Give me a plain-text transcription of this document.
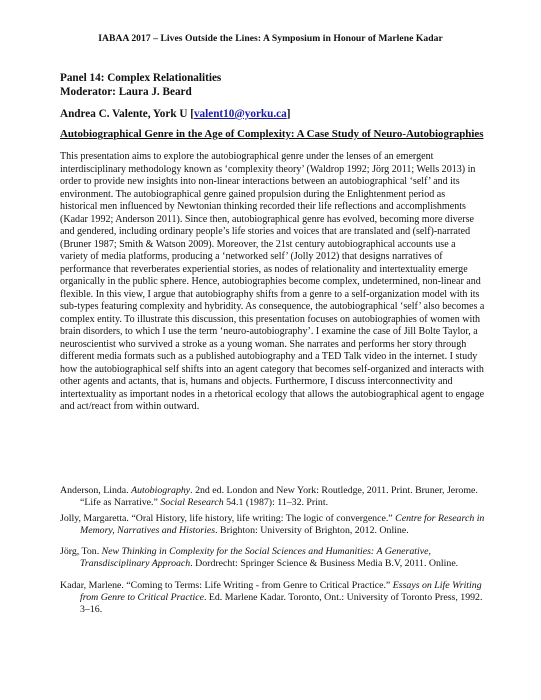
IABAA 2017 – Lives Outside the Lines: A Symposium in Honour of Marlene Kadar
Panel 14: Complex Relationalities
Moderator: Laura J. Beard
Andrea C. Valente, York U [valent10@yorku.ca]
Autobiographical Genre in the Age of Complexity: A Case Study of Neuro-Autobiographies
This presentation aims to explore the autobiographical genre under the lenses of an emergent interdisciplinary methodology known as ‘complexity theory’ (Waldrop 1992; Jörg 2011; Wells 2013) in order to provide new insights into non-linear interactions between an autobiographical ‘self’ and its environment. The autobiographical genre gained propulsion during the Enlightenment period as historical men influenced by Newtonian thinking recorded their life reflections and accomplishments (Kadar 1992; Anderson 2011). Since then, autobiographical genre has evolved, becoming more diverse and gendered, including ordinary people’s life stories and voices that are translated and (self)-narrated (Bruner 1987; Smith & Watson 2009). Moreover, the 21st century autobiographical accounts use a variety of media platforms, producing a ‘networked self’ (Jolly 2012) that designs narratives of performance that reverberates experiential stories, as nodes of relationality and intertextuality emerge organically in the public sphere. Hence, autobiographies become complex, undetermined, non-linear and flexible. In this view, I argue that autobiography shifts from a genre to a self-organization model with its sub-types featuring complexity and hybridity. As consequence, the autobiographical ‘self’ also becomes a complex entity. To illustrate this discussion, this presentation focuses on autobiographies of women with brain disorders, to which I use the term ‘neuro-autobiography’. I examine the case of Jill Bolte Taylor, a neuroscientist who survived a stroke as a young woman. She narrates and performs her story through different media formats such as a published autobiography and a TED Talk video in the internet. I study how the autobiographical self shifts into an agent category that becomes self-organized and interacts with other agents and actants, that is, humans and objects. Furthermore, I discuss interconnectivity and intertextuality as important nodes in a rhetorical ecology that allows the autobiographical agent to engage and act/react from within outward.
Anderson, Linda. Autobiography. 2nd ed. London and New York: Routledge, 2011. Print. Bruner, Jerome. “Life as Narrative.” Social Research 54.1 (1987): 11–32. Print.
Jolly, Margaretta. “Oral History, life history, life writing: The logic of convergence.” Centre for Research in Memory, Narratives and Histories. Brighton: University of Brighton, 2012. Online.
Jörg, Ton. New Thinking in Complexity for the Social Sciences and Humanities: A Generative, Transdisciplinary Approach. Dordrecht: Springer Science & Business Media B.V, 2011. Online.
Kadar, Marlene. “Coming to Terms: Life Writing - from Genre to Critical Practice.” Essays on Life Writing from Genre to Critical Practice. Ed. Marlene Kadar. Toronto, Ont.: University of Toronto Press, 1992. 3–16.
